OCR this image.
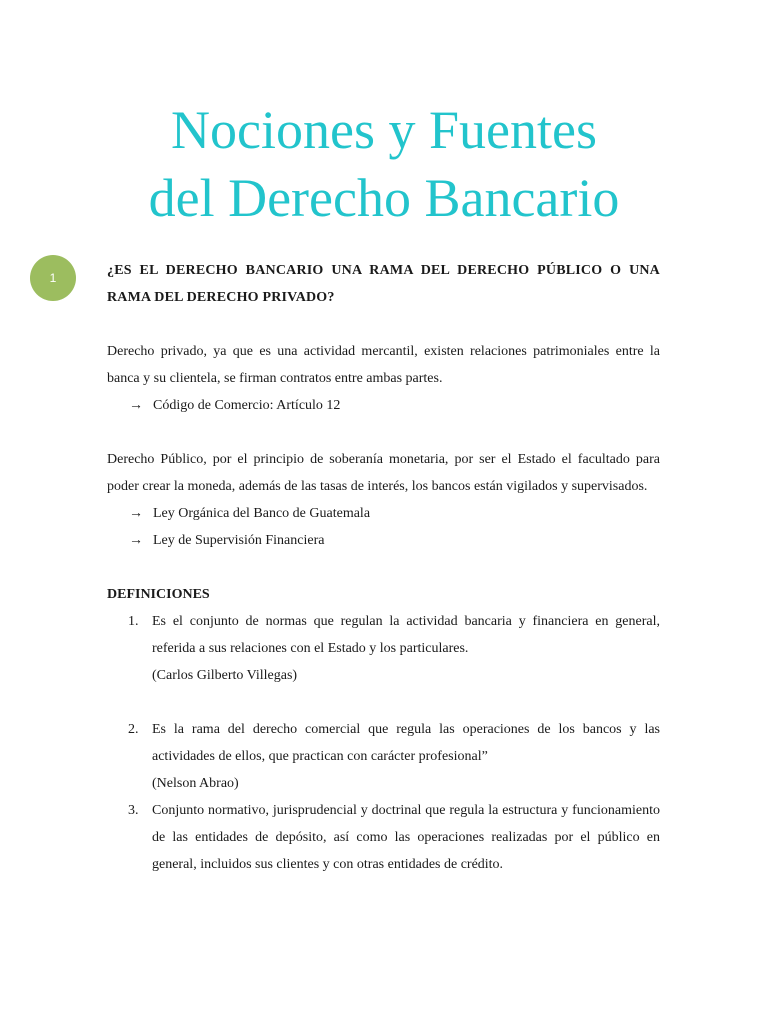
Nociones y Fuentes
del Derecho Bancario
1	¿ES EL DERECHO BANCARIO UNA RAMA DEL DERECHO PÚBLICO O UNA RAMA DEL DERECHO PRIVADO?

Derecho privado, ya que es una actividad mercantil, existen relaciones patrimoniales entre la banca y su clientela, se firman contratos entre ambas partes.

→ Código de Comercio: Artículo 12

Derecho Público, por el principio de soberanía monetaria, por ser el Estado el facultado para poder crear la moneda, además de las tasas de interés, los bancos están vigilados y supervisados.

→ Ley Orgánica del Banco de Guatemala

→ Ley de Supervisión Financiera

DEFINICIONES

1. Es el conjunto de normas que regulan la actividad bancaria y financiera en general, referida a sus relaciones con el Estado y los particulares.

(Carlos Gilberto Villegas)

2. Es la rama del derecho comercial que regula las operaciones de los bancos y las actividades de ellos, que practican con carácter profesional”

(Nelson Abrao)

3. Conjunto normativo, jurisprudencial y doctrinal que regula la estructura y funcionamiento de las entidades de depósito, así como las operaciones realizadas por el público en general, incluidos sus clientes y con otras entidades de crédito.
